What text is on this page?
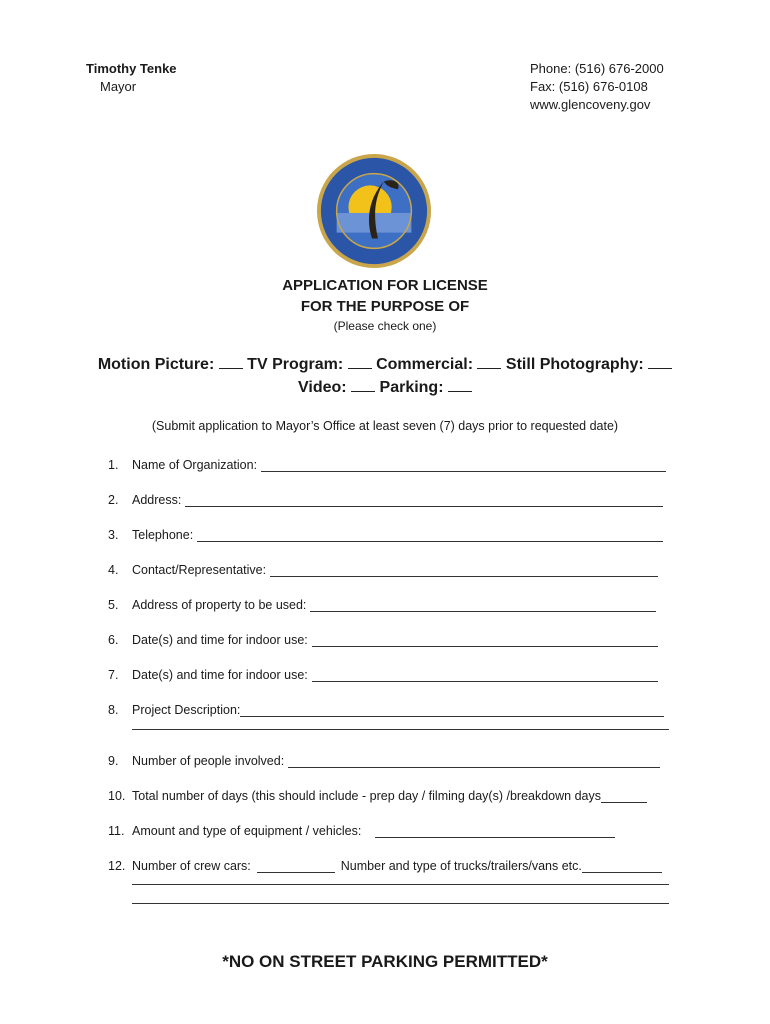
Timothy Tenke
Mayor
Phone: (516) 676-2000
Fax: (516) 676-0108
www.glencoveny.gov
APPLICATION FOR LICENSE
FOR THE PURPOSE OF
(Please check one)
Motion Picture: TV Program: Commercial: Still Photography:
Video: Parking:
(Submit application to Mayor’s Office at least seven (7) days prior to requested date)
1.	Name of Organization:
2.	Address:
3.	Telephone:
4.	Contact/Representative:
5.	Address of property to be used:
6.	Date(s) and time for indoor use:
7.	Date(s) and time for indoor use:
8.	Project Description:
9.	Number of people involved:
10. Total number of days (this should include - prep day / filming day(s) /breakdown days
11. Amount and type of equipment / vehicles:
12. Number of crew cars:	Number and type of trucks/trailers/vans etc.
*NO ON STREET PARKING PERMITTED*
